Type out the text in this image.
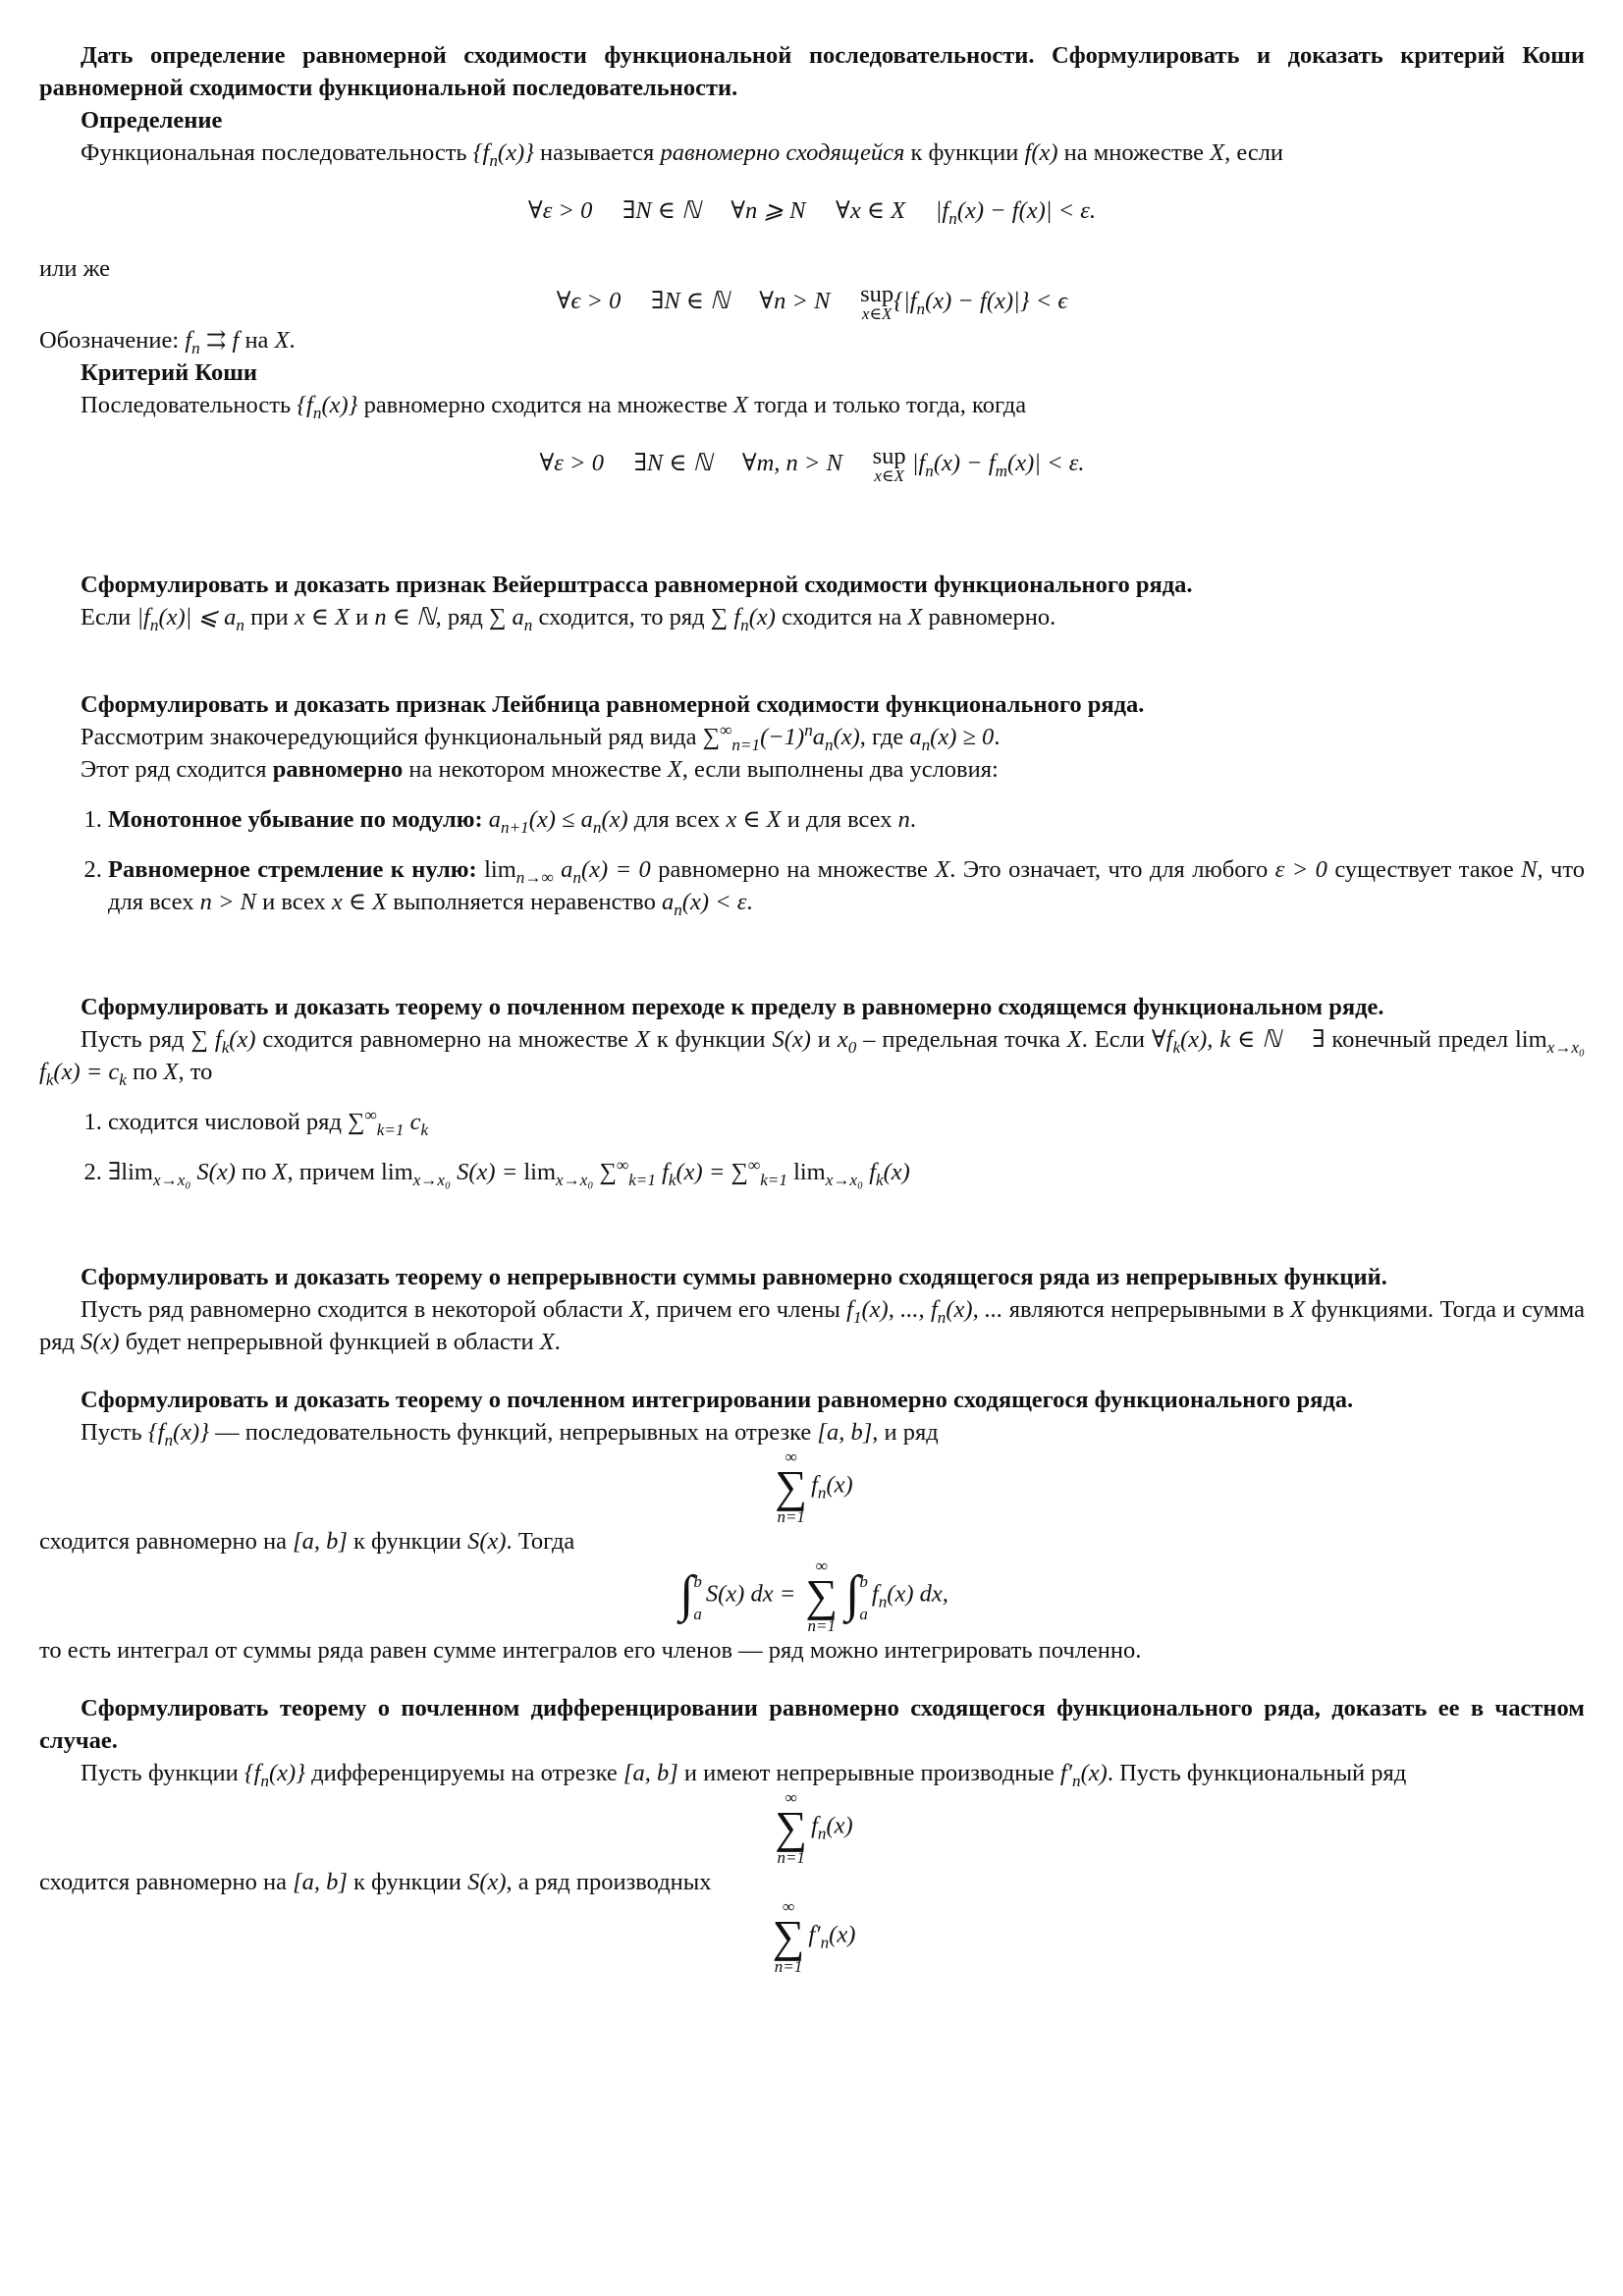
Дать определение равномерной сходимости функциональной последовательности. Сформулировать и доказать критерий Коши равномерной сходимости функциональной последовательности.

Определение

Функциональная последовательность $\{f_n(x)\}$ называется равномерно сходящейся к функции f(x) на множестве X, если

∀ε > 0  ∃N ∈ ℕ  ∀n ⩾ N  ∀x ∈ X  $|f_n(x) - f(x)| < \varepsilon$.

или же

∀ϵ > 0  ∃N ∈ ℕ  ∀n > N   sup
x∈X $\{|f_n(x) - f(x)|\} < \epsilon$

Обозначение: $f_n$ ⇉ f на X.

Критерий Коши

Последовательность $\{f_n(x)\}$ равномерно сходится на множестве X тогда и только тогда, когда

∀ε > 0  ∃N ∈ ℕ  ∀m, n > N   sup
x∈X $|f_n(x) - f_m(x)| < \varepsilon$.

Сформулировать и доказать признак Вейерштрасса равномерной сходимости функционального ряда.

Если $|f_n(x)|$ ⩽ $a_n$ при x ∈ X и n ∈ ℕ, ряд ∑ $a_n$ сходится, то ряд ∑ $f_n(x)$ сходится на X равномерно.

Сформулировать и доказать признак Лейбница равномерной сходимости функционального ряда.

Рассмотрим знакочередующийся функциональный ряд вида $\sum^\infty_{n=1}(-1)^na_n(x)$, где $a_n(x) \ge 0$.

Этот ряд сходится равномерно на некотором множестве X, если выполнены два условия:

1. Монотонное убывание по модулю: $a_{n+1}(x) \le a_n(x)$ для всех x ∈ X и для всех n.
2. Равномерное стремление к нулю: $\lim_{n\to\infty} a_n(x) = 0$ равномерно на множестве X. Это означает, что для любого ε > 0 существует такое N, что для всех n > N и всех x ∈ X выполняется неравенство $a_n(x) < \varepsilon$.

Сформулировать и доказать теорему о почленном переходе к пределу в равномерно сходящемся функциональном ряде.

Пусть ряд ∑ $f_k(x)$ сходится равномерно на множестве X к функции S(x) и $x_0$ – предельная точка X. Если $\forall f_k(x)$, k ∈ ℕ  ∃ конечный предел $\lim_{x\to x_0} f_k(x) = c_k$ по X, то

1. сходится числовой ряд $\sum^\infty_{k=1}$ $c_k$
2. $\exists\lim_{x\to x_0}$ S(x) по X, причем $\lim_{x\to x_0} S(x) = \lim_{x\to x_0} \sum^\infty_{k=1}$ $f_k(x) = \sum^\infty_{k=1}$ $\lim_{x\to x_0} f_k(x)$

Сформулировать и доказать теорему о непрерывности суммы равномерно сходящегося ряда из непрерывных функций.

Пусть ряд равномерно сходится в некоторой области X, причем его члены $f_1(x)$, ..., $f_n(x)$, ... являются непрерывными в X функциями. Тогда и сумма ряд S(x) будет непрерывной функцией в области X.

Сформулировать и доказать теорему о почленном интегрировании равномерно сходящегося функционального ряда.

Пусть $\{f_n(x)\}$ — последовательность функций, непрерывных на отрезке [a, b], и ряд

∞
∑
n=1
$f_n(x)$

сходится равномерно на [a, b] к функции S(x). Тогда

∫ b
a
S(x) dx =
∞
∑
n=1
∫ b
a
$f_n(x)$ dx,

то есть интеграл от суммы ряда равен сумме интегралов его членов — ряд можно интегрировать почленно.

Сформулировать теорему о почленном дифференцировании равномерно сходящегося функционального ряда, доказать ее в частном случае.

Пусть функции $\{f_n(x)\}$ дифференцируемы на отрезке [a, b] и имеют непрерывные производные $f'_n(x)$. Пусть функциональный ряд

∞
∑
n=1
$f_n(x)$

сходится равномерно на [a, b] к функции S(x), а ряд производных

∞
∑
n=1
$f'_n(x)$
